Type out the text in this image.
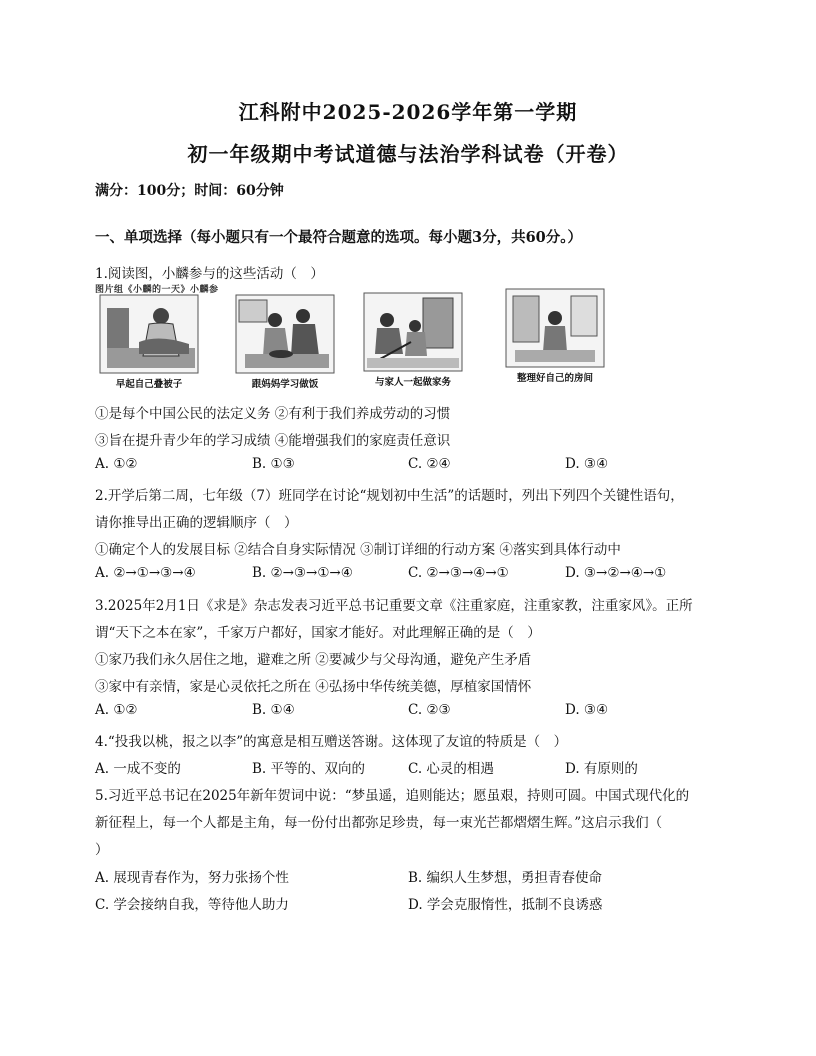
江科附中2025-2026学年第一学期
初一年级期中考试道德与法治学科试卷（开卷）
满分：100分；时间：60分钟
一、单项选择（每小题只有一个最符合题意的选项。每小题3分，共60分。）
1.阅读图，小麟参与的这些活动（　）
图片组《小麟的一天》小麟参
早起自己叠被子	跟妈妈学习做饭	与家人一起做家务	整理好自己的房间
①是每个中国公民的法定义务 ②有利于我们养成劳动的习惯
③旨在提升青少年的学习成绩 ④能增强我们的家庭责任意识
A. ①②	B. ①③	C. ②④	D. ③④
2.开学后第二周，七年级（7）班同学在讨论“规划初中生活”的话题时，列出下列四个关键性语句，
请你推导出正确的逻辑顺序（　）
①确定个人的发展目标 ②结合自身实际情况 ③制订详细的行动方案 ④落实到具体行动中
A. ②→①→③→④	B. ②→③→①→④	C. ②→③→④→①	D. ③→②→④→①
3.2025年2月1日《求是》杂志发表习近平总书记重要文章《注重家庭，注重家教，注重家风》。正所
谓“天下之本在家”，千家万户都好，国家才能好。对此理解正确的是（　）
①家乃我们永久居住之地，避难之所 ②要减少与父母沟通，避免产生矛盾
③家中有亲情，家是心灵依托之所在 ④弘扬中华传统美德，厚植家国情怀
A. ①②	B. ①④	C. ②③	D. ③④
4.“投我以桃，报之以李”的寓意是相互赠送答谢。这体现了友谊的特质是（　）
A. 一成不变的	B. 平等的、双向的	C. 心灵的相遇	D. 有原则的
5.习近平总书记在2025年新年贺词中说：“梦虽遥，追则能达；愿虽艰，持则可圆。中国式现代化的
新征程上，每一个人都是主角，每一份付出都弥足珍贵，每一束光芒都熠熠生辉。”这启示我们（
）
A. 展现青春作为，努力张扬个性	B. 编织人生梦想，勇担青春使命
C. 学会接纳自我，等待他人助力	D. 学会克服惰性，抵制不良诱惑
